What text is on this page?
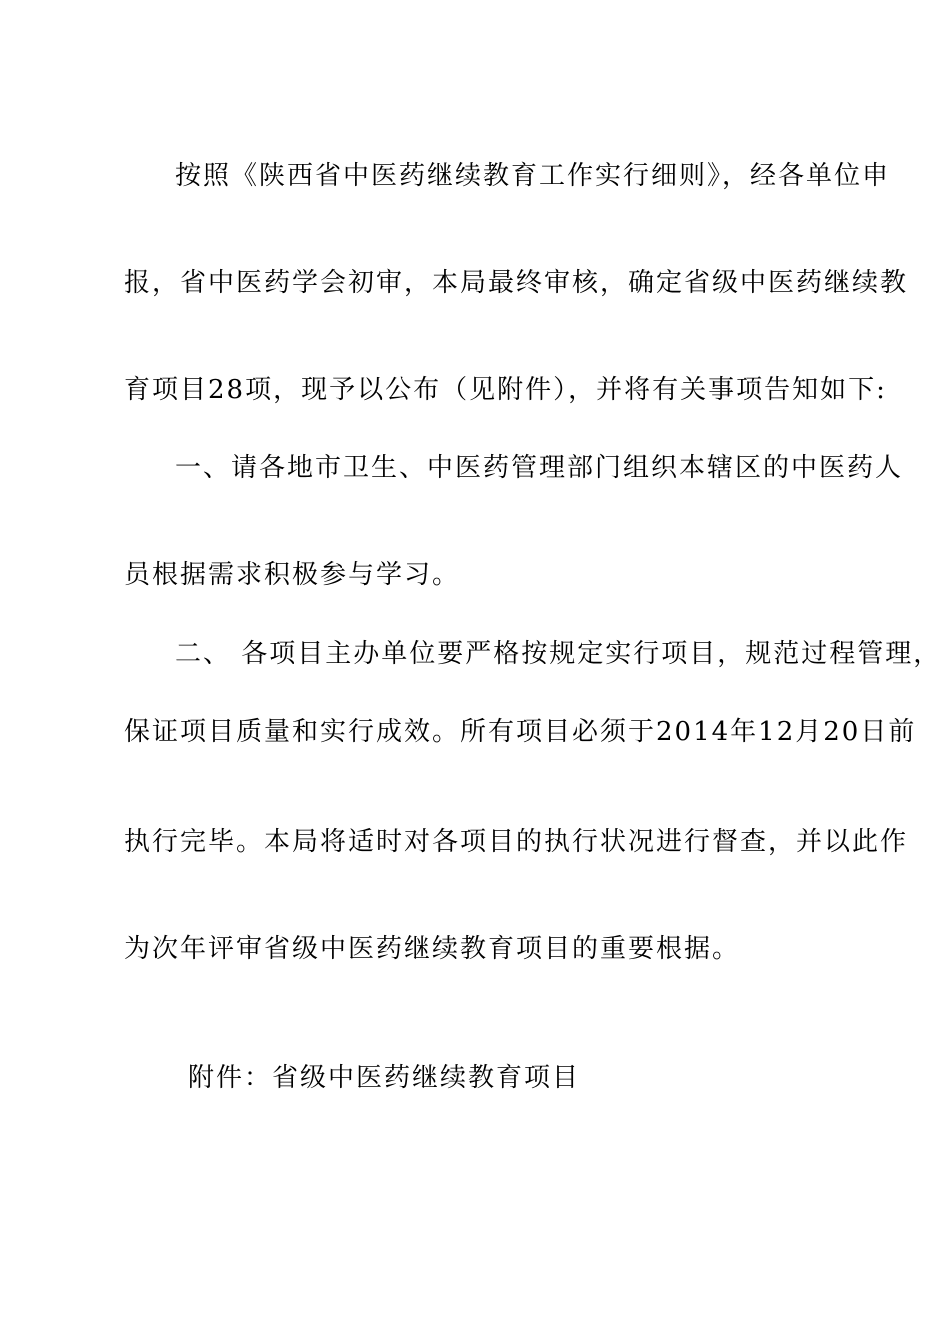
按照《陕西省中医药继续教育工作实行细则》，经各单位申
报，省中医药学会初审，本局最终审核，确定省级中医药继续教
育项目28项，现予以公布（见附件），并将有关事项告知如下:
一、请各地市卫生、中医药管理部门组织本辖区的中医药人
员根据需求积极参与学习。
二、 各项目主办单位要严格按规定实行项目，规范过程管理，
保证项目质量和实行成效。所有项目必须于2014年12月20日前
执行完毕。本局将适时对各项目的执行状况进行督查，并以此作
为次年评审省级中医药继续教育项目的重要根据。
附件：省级中医药继续教育项目
